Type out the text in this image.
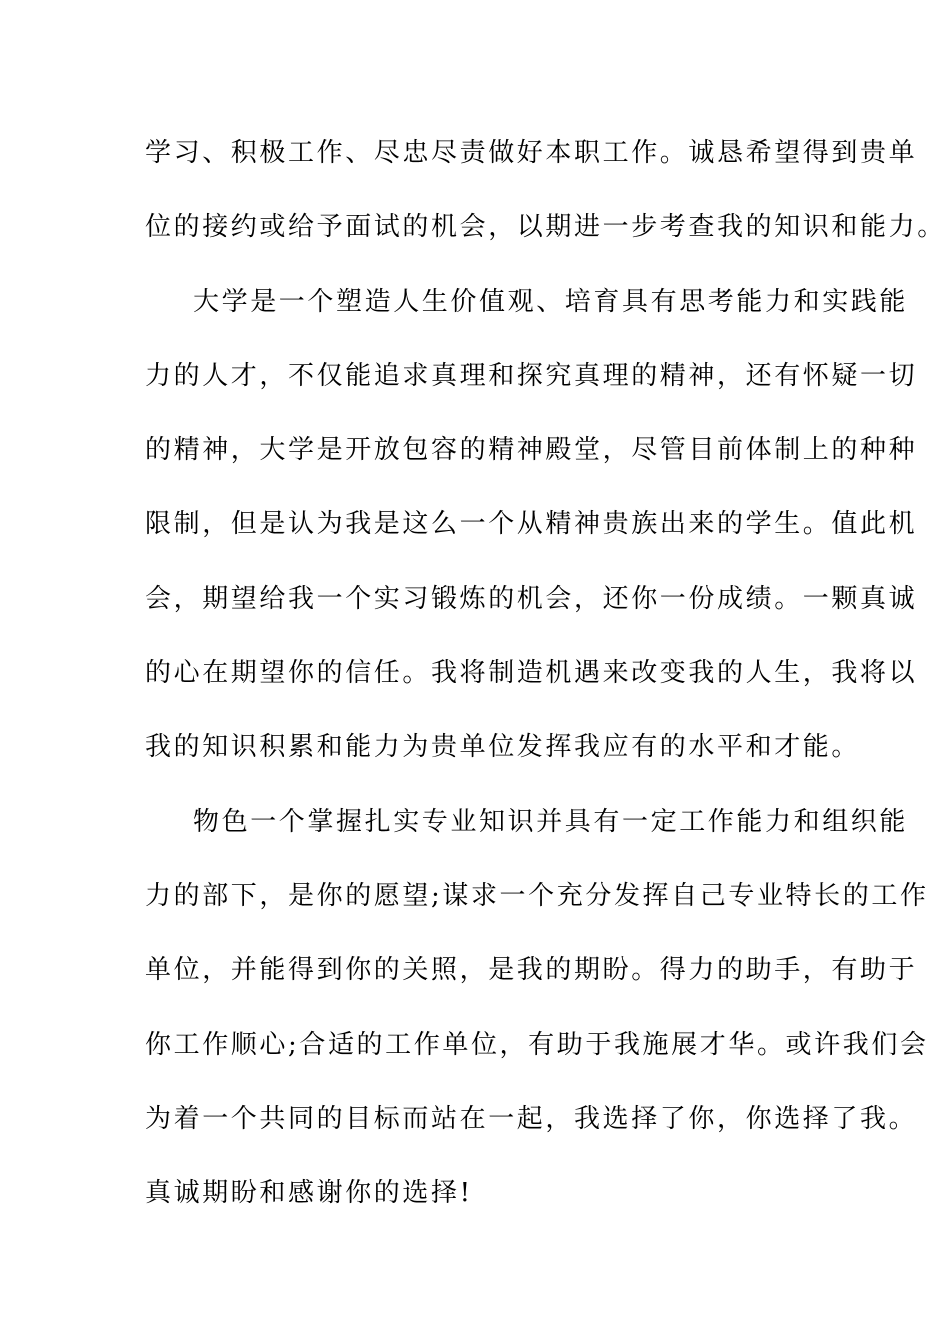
学习、积极工作、尽忠尽责做好本职工作。诚恳希望得到贵单
位的接约或给予面试的机会，以期进一步考查我的知识和能力。
大学是一个塑造人生价值观、培育具有思考能力和实践能
力的人才，不仅能追求真理和探究真理的精神，还有怀疑一切
的精神，大学是开放包容的精神殿堂，尽管目前体制上的种种
限制，但是认为我是这么一个从精神贵族出来的学生。值此机
会，期望给我一个实习锻炼的机会，还你一份成绩。一颗真诚
的心在期望你的信任。我将制造机遇来改变我的人生，我将以
我的知识积累和能力为贵单位发挥我应有的水平和才能。
物色一个掌握扎实专业知识并具有一定工作能力和组织能
力的部下，是你的愿望;谋求一个充分发挥自己专业特长的工作
单位，并能得到你的关照，是我的期盼。得力的助手，有助于
你工作顺心;合适的工作单位，有助于我施展才华。或许我们会
为着一个共同的目标而站在一起，我选择了你，你选择了我。
真诚期盼和感谢你的选择!
